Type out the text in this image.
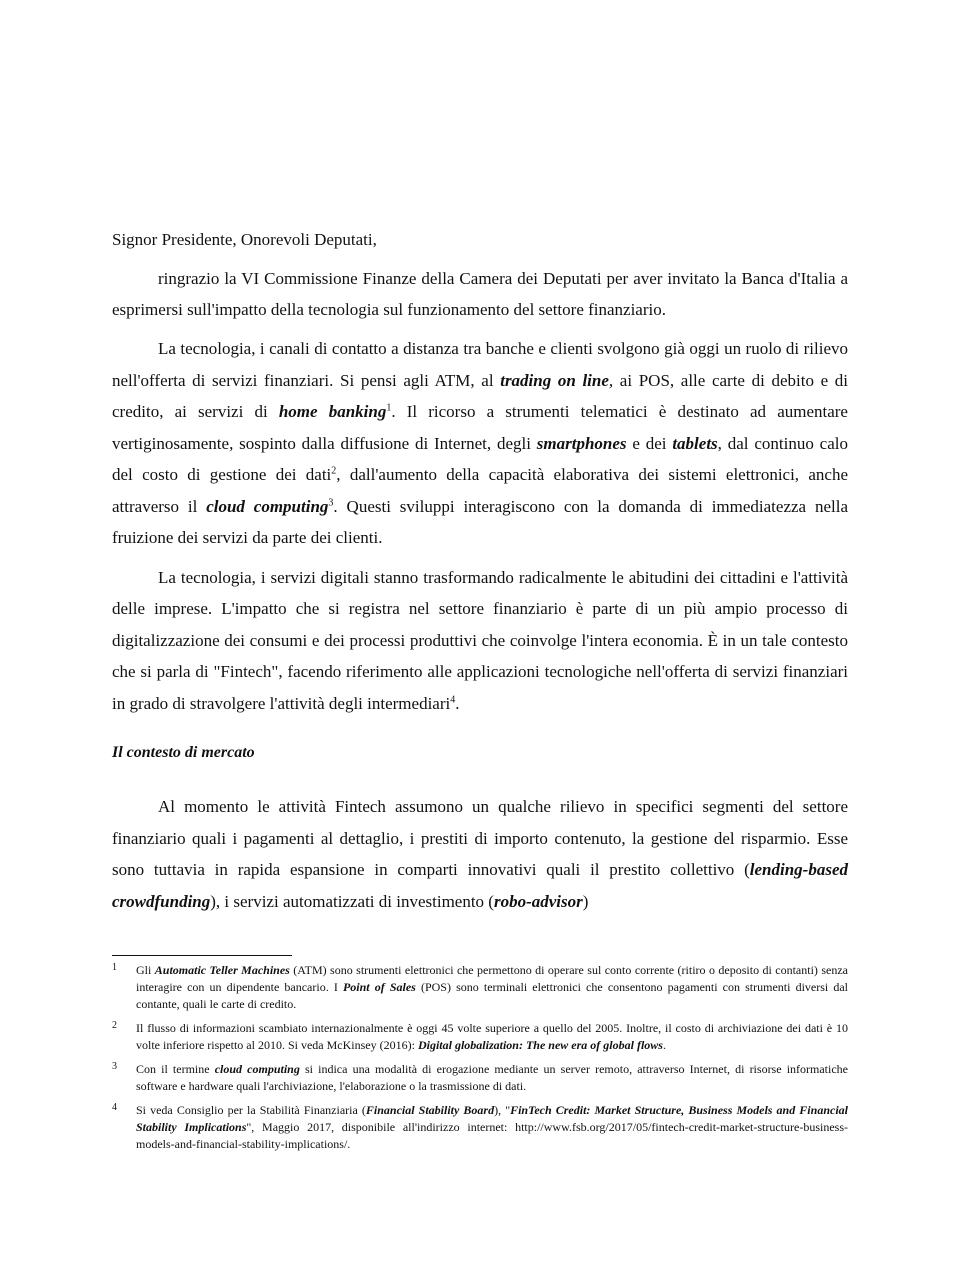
Signor Presidente, Onorevoli Deputati,

ringrazio la VI Commissione Finanze della Camera dei Deputati per aver invitato la Banca d'Italia a esprimersi sull'impatto della tecnologia sul funzionamento del settore finanziario.

La tecnologia, i canali di contatto a distanza tra banche e clienti svolgono già oggi un ruolo di rilievo nell'offerta di servizi finanziari. Si pensi agli ATM, al trading on line, ai POS, alle carte di debito e di credito, ai servizi di home banking$^1$. Il ricorso a strumenti telematici è destinato ad aumentare vertiginosamente, sospinto dalla diffusione di Internet, degli smartphones e dei tablets, dal continuo calo del costo di gestione dei dati$^2$, dall'aumento della capacità elaborativa dei sistemi elettronici, anche attraverso il cloud computing$^3$. Questi sviluppi interagiscono con la domanda di immediatezza nella fruizione dei servizi da parte dei clienti.

La tecnologia, i servizi digitali stanno trasformando radicalmente le abitudini dei cittadini e l'attività delle imprese. L'impatto che si registra nel settore finanziario è parte di un più ampio processo di digitalizzazione dei consumi e dei processi produttivi che coinvolge l'intera economia. È in un tale contesto che si parla di "Fintech", facendo riferimento alle applicazioni tecnologiche nell'offerta di servizi finanziari in grado di stravolgere l'attività degli intermediari$^4$.

Il contesto di mercato

Al momento le attività Fintech assumono un qualche rilievo in specifici segmenti del settore finanziario quali i pagamenti al dettaglio, i prestiti di importo contenuto, la gestione del risparmio. Esse sono tuttavia in rapida espansione in comparti innovativi quali il prestito collettivo (lending-based crowdfunding), i servizi automatizzati di investimento (robo-advisor)

1	Gli Automatic Teller Machines (ATM) sono strumenti elettronici che permettono di operare sul conto corrente (ritiro o deposito di contanti) senza interagire con un dipendente bancario. I Point of Sales (POS) sono terminali elettronici che consentono pagamenti con strumenti diversi dal contante, quali le carte di credito.
2	Il flusso di informazioni scambiato internazionalmente è oggi 45 volte superiore a quello del 2005. Inoltre, il costo di archiviazione dei dati è 10 volte inferiore rispetto al 2010. Si veda McKinsey (2016): Digital globalization: The new era of global flows.
3	Con il termine cloud computing si indica una modalità di erogazione mediante un server remoto, attraverso Internet, di risorse informatiche software e hardware quali l'archiviazione, l'elaborazione o la trasmissione di dati.
4	Si veda Consiglio per la Stabilità Finanziaria (Financial Stability Board), "FinTech Credit: Market Structure, Business Models and Financial Stability Implications", Maggio 2017, disponibile all'indirizzo internet: http://www.fsb.org/2017/05/fintech-credit-market-structure-business-models-and-financial-stability-implications/.
